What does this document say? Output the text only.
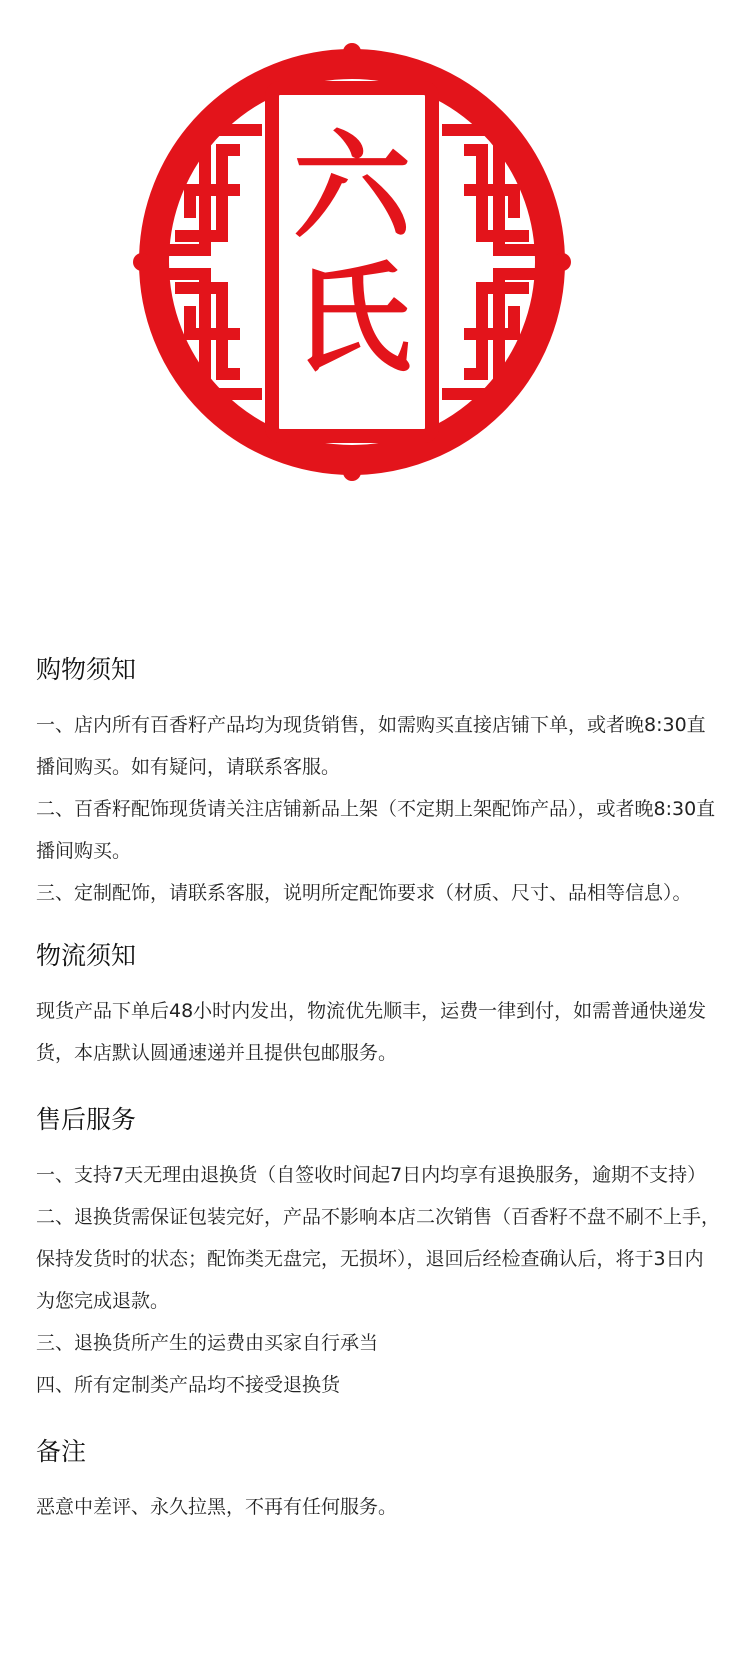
六
氏
购物须知

一、店内所有百香籽产品均为现货销售，如需购买直接店铺下单，或者晚8:30直播间购买。如有疑问，请联系客服。

二、百香籽配饰现货请关注店铺新品上架（不定期上架配饰产品），或者晚8:30直播间购买。

三、定制配饰，请联系客服，说明所定配饰要求（材质、尺寸、品相等信息）。

物流须知

现货产品下单后48小时内发出，物流优先顺丰，运费一律到付，如需普通快递发货，本店默认圆通速递并且提供包邮服务。

售后服务

一、支持7天无理由退换货（自签收时间起7日内均享有退换服务，逾期不支持）

二、退换货需保证包装完好，产品不影响本店二次销售（百香籽不盘不刷不上手，保持发货时的状态；配饰类无盘完，无损坏），退回后经检查确认后，将于3日内为您完成退款。

三、退换货所产生的运费由买家自行承当

四、所有定制类产品均不接受退换货

备注

恶意中差评、永久拉黑，不再有任何服务。
